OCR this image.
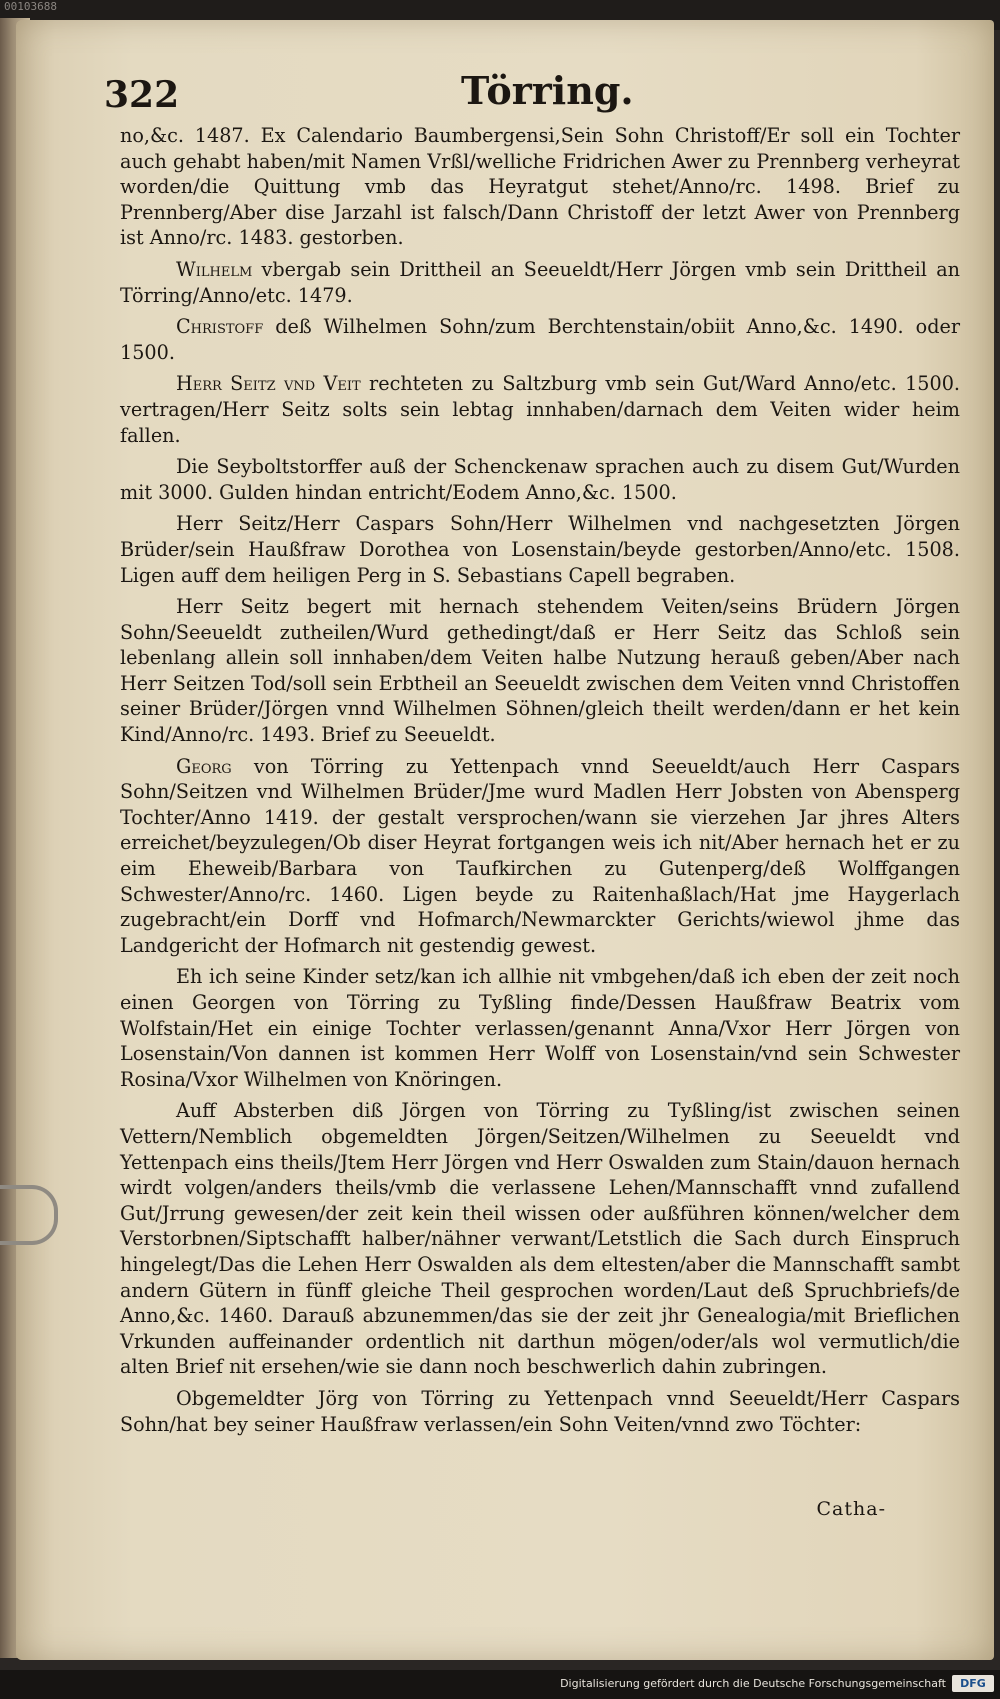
00103688
322	Törring.

no,&c. 1487. Ex Calendario Baumbergensi,Sein Sohn Christoff/Er soll ein Tochter auch gehabt haben/mit Namen Vrßl/welliche Fridrichen Awer zu Prennberg verheyrat worden/die Quittung vmb das Heyratgut stehet/Anno/rc. 1498. Brief zu Prennberg/Aber dise Jarzahl ist falsch/Dann Christoff der letzt Awer von Prennberg ist Anno/rc. 1483. gestorben.

Wilhelm vbergab sein Drittheil an Seeueldt/Herr Jörgen vmb sein Drittheil an Törring/Anno/etc. 1479.

Christoff deß Wilhelmen Sohn/zum Berchtenstain/obiit Anno,&c. 1490. oder 1500.

Herr Seitz vnd Veit rechteten zu Saltzburg vmb sein Gut/Ward Anno/etc. 1500. vertragen/Herr Seitz solts sein lebtag innhaben/darnach dem Veiten wider heim fallen.

Die Seyboltstorffer auß der Schenckenaw sprachen auch zu disem Gut/Wurden mit 3000. Gulden hindan entricht/Eodem Anno,&c. 1500.

Herr Seitz/Herr Caspars Sohn/Herr Wilhelmen vnd nachgesetzten Jörgen Brüder/sein Haußfraw Dorothea von Losenstain/beyde gestorben/Anno/etc. 1508. Ligen auff dem heiligen Perg in S. Sebastians Capell begraben.

Herr Seitz begert mit hernach stehendem Veiten/seins Brüdern Jörgen Sohn/Seeueldt zutheilen/Wurd gethedingt/daß er Herr Seitz das Schloß sein lebenlang allein soll innhaben/dem Veiten halbe Nutzung herauß geben/Aber nach Herr Seitzen Tod/soll sein Erbtheil an Seeueldt zwischen dem Veiten vnnd Christoffen seiner Brüder/Jörgen vnnd Wilhelmen Söhnen/gleich theilt werden/dann er het kein Kind/Anno/rc. 1493. Brief zu Seeueldt.

Georg von Törring zu Yettenpach vnnd Seeueldt/auch Herr Caspars Sohn/Seitzen vnd Wilhelmen Brüder/Jme wurd Madlen Herr Jobsten von Abensperg Tochter/Anno 1419. der gestalt versprochen/wann sie vierzehen Jar jhres Alters erreichet/beyzulegen/Ob diser Heyrat fortgangen weis ich nit/Aber hernach het er zu eim Eheweib/Barbara von Taufkirchen zu Gutenperg/deß Wolffgangen Schwester/Anno/rc. 1460. Ligen beyde zu Raitenhaßlach/Hat jme Haygerlach zugebracht/ein Dorff vnd Hofmarch/Newmarckter Gerichts/wiewol jhme das Landgericht der Hofmarch nit gestendig gewest.

Eh ich seine Kinder setz/kan ich allhie nit vmbgehen/daß ich eben der zeit noch einen Georgen von Törring zu Tyßling finde/Dessen Haußfraw Beatrix vom Wolfstain/Het ein einige Tochter verlassen/genannt Anna/Vxor Herr Jörgen von Losenstain/Von dannen ist kommen Herr Wolff von Losenstain/vnd sein Schwester Rosina/Vxor Wilhelmen von Knöringen.

Auff Absterben diß Jörgen von Törring zu Tyßling/ist zwischen seinen Vettern/Nemblich obgemeldten Jörgen/Seitzen/Wilhelmen zu Seeueldt vnd Yettenpach eins theils/Jtem Herr Jörgen vnd Herr Oswalden zum Stain/dauon hernach wirdt volgen/anders theils/vmb die verlassene Lehen/Mannschafft vnnd zufallend Gut/Jrrung gewesen/der zeit kein theil wissen oder außführen können/welcher dem Verstorbnen/Siptschafft halber/nähner verwant/Letstlich die Sach durch Einspruch hingelegt/Das die Lehen Herr Oswalden als dem eltesten/aber die Mannschafft sambt andern Gütern in fünff gleiche Theil gesprochen worden/Laut deß Spruchbriefs/de Anno,&c. 1460. Darauß abzunemmen/das sie der zeit jhr Genealogia/mit Brieflichen Vrkunden auffeinander ordentlich nit darthun mögen/oder/als wol vermutlich/die alten Brief nit ersehen/wie sie dann noch beschwerlich dahin zubringen.

Obgemeldter Jörg von Törring zu Yettenpach vnnd Seeueldt/Herr Caspars Sohn/hat bey seiner Haußfraw verlassen/ein Sohn Veiten/vnnd zwo Töchter:

Catha-
Digitalisierung gefördert durch die Deutsche Forschungsgemeinschaft	DFG
